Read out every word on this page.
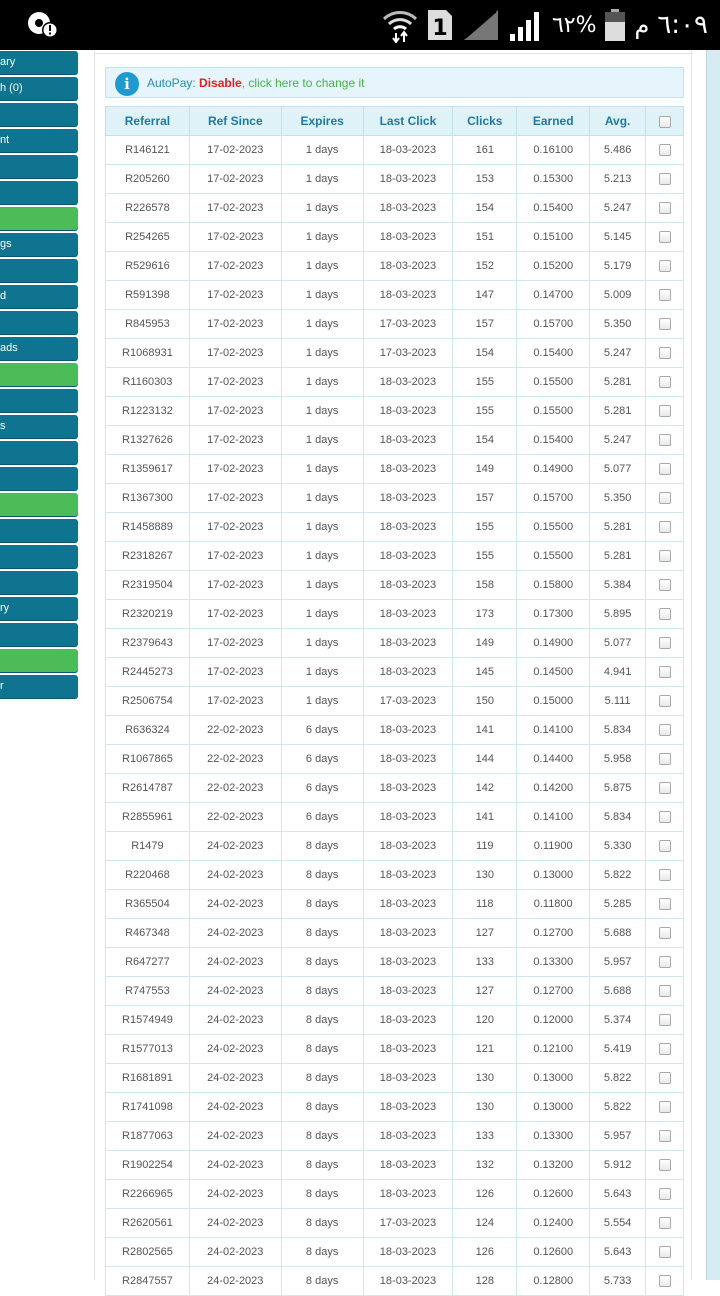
1	٦٢% م ٦:٠٩
ary
h (0)
nt
gs
d
ads
s
ry
r
i	AutoPay: Disable, click here to change it
Referral	Ref Since	Expires	Last Click	Clicks	Earned	Avg.	
R146121	17-02-2023	1 days	18-03-2023	161	0.16100	5.486	
R205260	17-02-2023	1 days	18-03-2023	153	0.15300	5.213	
R226578	17-02-2023	1 days	18-03-2023	154	0.15400	5.247	
R254265	17-02-2023	1 days	18-03-2023	151	0.15100	5.145	
R529616	17-02-2023	1 days	18-03-2023	152	0.15200	5.179	
R591398	17-02-2023	1 days	18-03-2023	147	0.14700	5.009	
R845953	17-02-2023	1 days	17-03-2023	157	0.15700	5.350	
R1068931	17-02-2023	1 days	17-03-2023	154	0.15400	5.247	
R1160303	17-02-2023	1 days	18-03-2023	155	0.15500	5.281	
R1223132	17-02-2023	1 days	18-03-2023	155	0.15500	5.281	
R1327626	17-02-2023	1 days	18-03-2023	154	0.15400	5.247	
R1359617	17-02-2023	1 days	18-03-2023	149	0.14900	5.077	
R1367300	17-02-2023	1 days	18-03-2023	157	0.15700	5.350	
R1458889	17-02-2023	1 days	18-03-2023	155	0.15500	5.281	
R2318267	17-02-2023	1 days	18-03-2023	155	0.15500	5.281	
R2319504	17-02-2023	1 days	18-03-2023	158	0.15800	5.384	
R2320219	17-02-2023	1 days	18-03-2023	173	0.17300	5.895	
R2379643	17-02-2023	1 days	18-03-2023	149	0.14900	5.077	
R2445273	17-02-2023	1 days	18-03-2023	145	0.14500	4.941	
R2506754	17-02-2023	1 days	17-03-2023	150	0.15000	5.111	
R636324	22-02-2023	6 days	18-03-2023	141	0.14100	5.834	
R1067865	22-02-2023	6 days	18-03-2023	144	0.14400	5.958	
R2614787	22-02-2023	6 days	18-03-2023	142	0.14200	5.875	
R2855961	22-02-2023	6 days	18-03-2023	141	0.14100	5.834	
R1479	24-02-2023	8 days	18-03-2023	119	0.11900	5.330	
R220468	24-02-2023	8 days	18-03-2023	130	0.13000	5.822	
R365504	24-02-2023	8 days	18-03-2023	118	0.11800	5.285	
R467348	24-02-2023	8 days	18-03-2023	127	0.12700	5.688	
R647277	24-02-2023	8 days	18-03-2023	133	0.13300	5.957	
R747553	24-02-2023	8 days	18-03-2023	127	0.12700	5.688	
R1574949	24-02-2023	8 days	18-03-2023	120	0.12000	5.374	
R1577013	24-02-2023	8 days	18-03-2023	121	0.12100	5.419	
R1681891	24-02-2023	8 days	18-03-2023	130	0.13000	5.822	
R1741098	24-02-2023	8 days	18-03-2023	130	0.13000	5.822	
R1877063	24-02-2023	8 days	18-03-2023	133	0.13300	5.957	
R1902254	24-02-2023	8 days	18-03-2023	132	0.13200	5.912	
R2266965	24-02-2023	8 days	18-03-2023	126	0.12600	5.643	
R2620561	24-02-2023	8 days	17-03-2023	124	0.12400	5.554	
R2802565	24-02-2023	8 days	18-03-2023	126	0.12600	5.643	
R2847557	24-02-2023	8 days	18-03-2023	128	0.12800	5.733	
